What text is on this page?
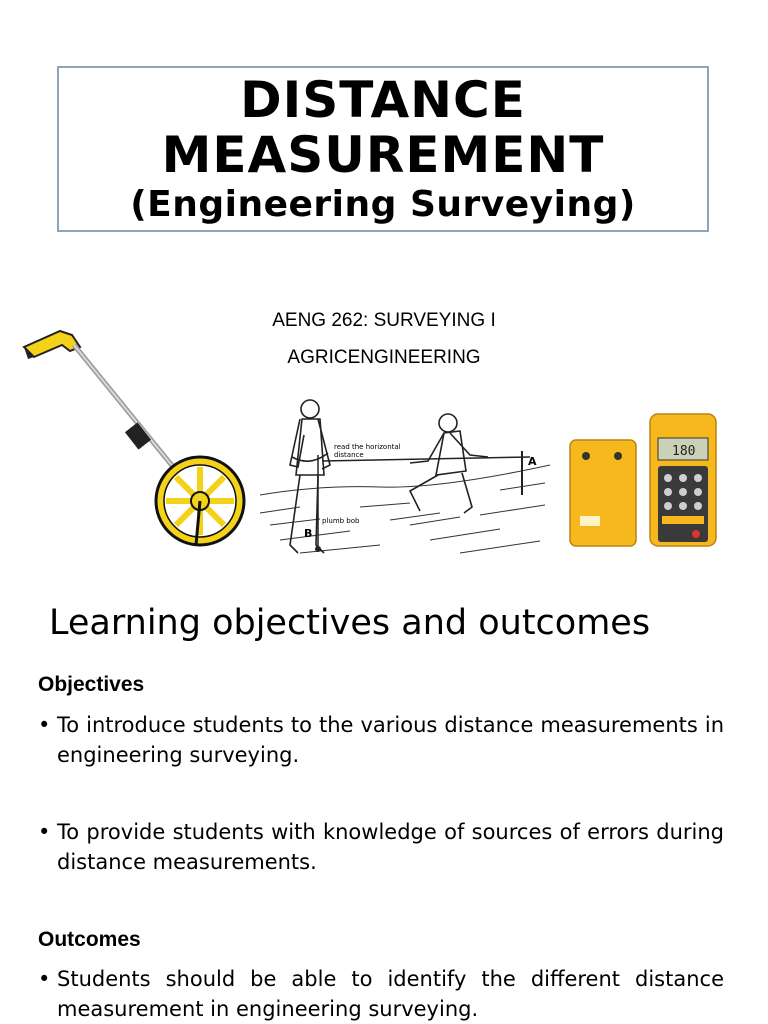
DISTANCE
MEASUREMENT
(Engineering Surveying)
AENG 262: SURVEYING I
AGRICENGINEERING
A
B
read the horizontal
distance
plumb bob
180
Learning objectives and outcomes
Objectives
• To introduce students to the various distance measurements in engineering surveying.
• To provide students with knowledge of sources of errors during distance measurements.
Outcomes
• Students should be able to identify the different distance measurement in engineering surveying.
